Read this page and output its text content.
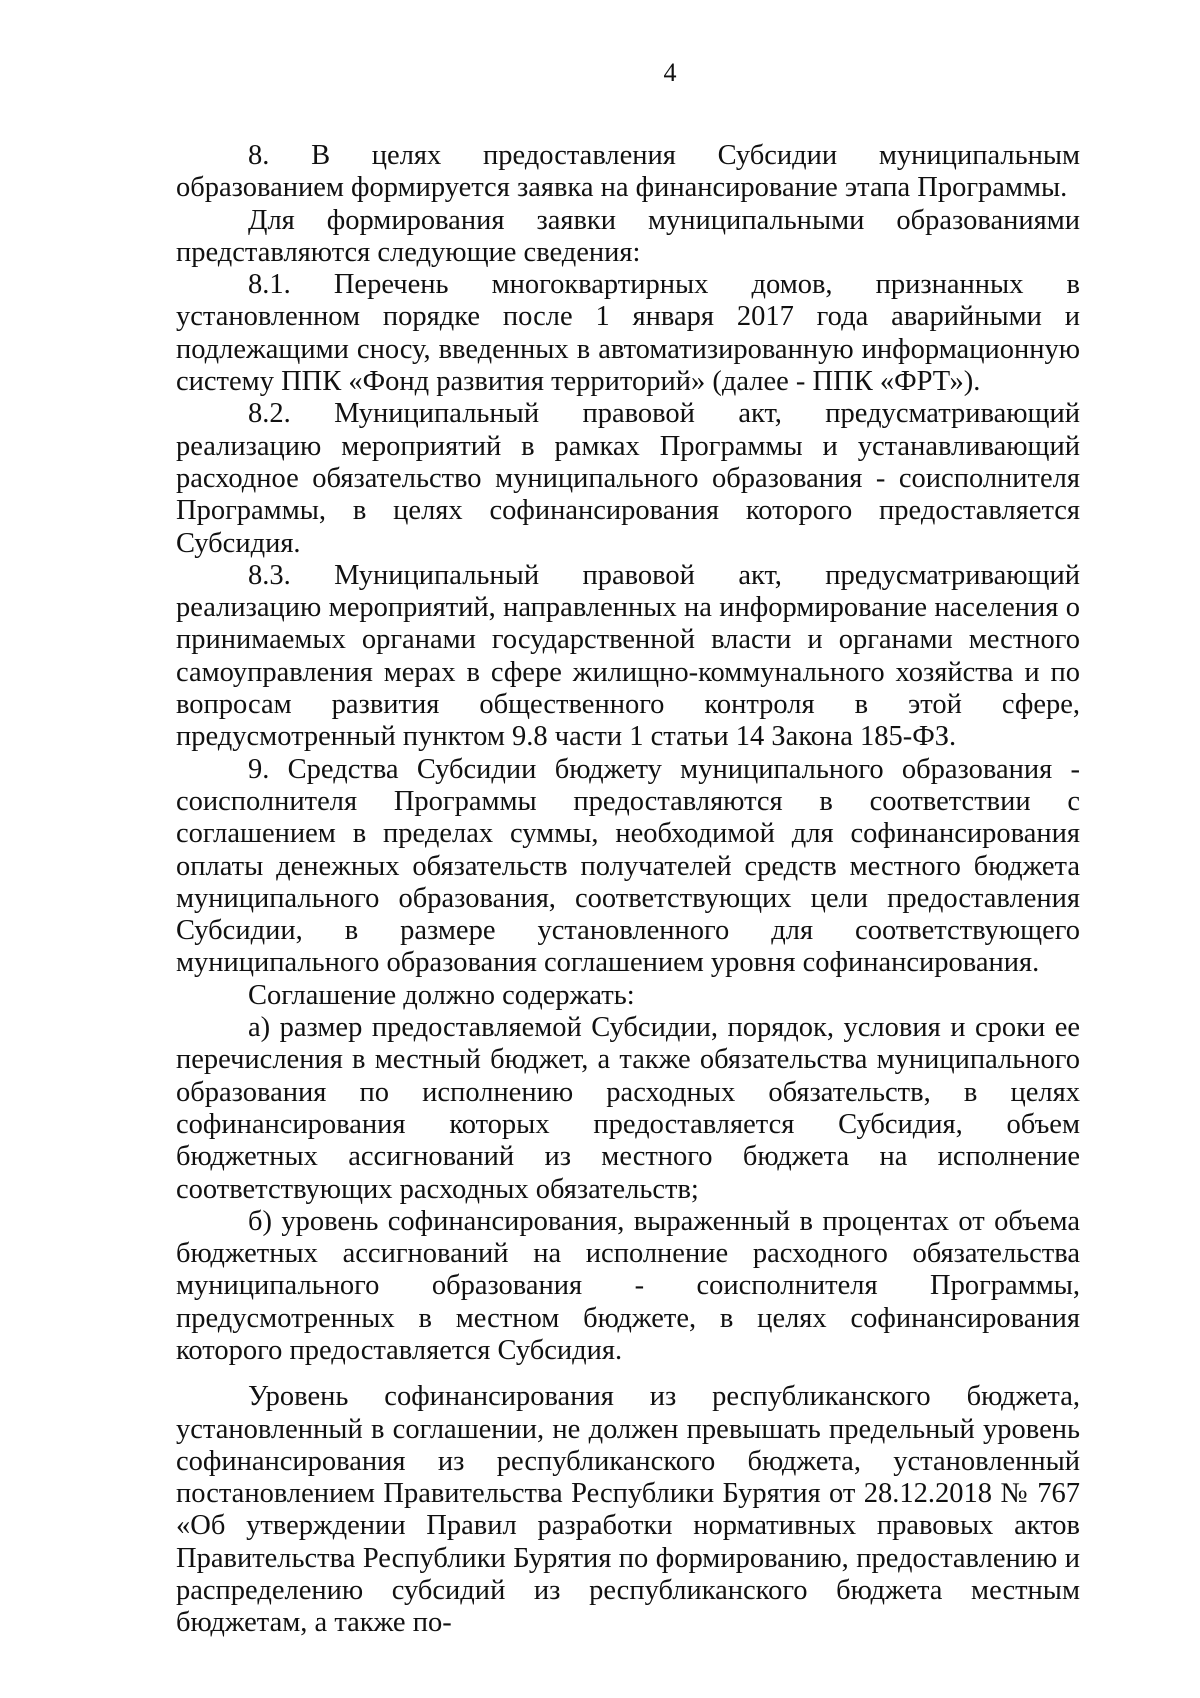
4

8. В целях предоставления Субсидии муниципальным образованием формируется заявка на финансирование этапа Программы.

Для формирования заявки муниципальными образованиями представляются следующие сведения:

8.1. Перечень многоквартирных домов, признанных в установленном порядке после 1 января 2017 года аварийными и подлежащими сносу, введенных в автоматизированную информационную систему ППК «Фонд развития территорий» (далее - ППК «ФРТ»).

8.2. Муниципальный правовой акт, предусматривающий реализацию мероприятий в рамках Программы и устанавливающий расходное обязательство муниципального образования - соисполнителя Программы, в целях софинансирования которого предоставляется Субсидия.

8.3. Муниципальный правовой акт, предусматривающий реализацию мероприятий, направленных на информирование населения о принимаемых органами государственной власти и органами местного самоуправления мерах в сфере жилищно-коммунального хозяйства и по вопросам развития общественного контроля в этой сфере, предусмотренный пунктом 9.8 части 1 статьи 14 Закона 185-ФЗ.

9. Средства Субсидии бюджету муниципального образования - соисполнителя Программы предоставляются в соответствии с соглашением в пределах суммы, необходимой для софинансирования оплаты денежных обязательств получателей средств местного бюджета муниципального образования, соответствующих цели предоставления Субсидии, в размере установленного для соответствующего муниципального образования соглашением уровня софинансирования.

Соглашение должно содержать:

а) размер предоставляемой Субсидии, порядок, условия и сроки ее перечисления в местный бюджет, а также обязательства муниципального образования по исполнению расходных обязательств, в целях софинансирования которых предоставляется Субсидия, объем бюджетных ассигнований из местного бюджета на исполнение соответствующих расходных обязательств;

б) уровень софинансирования, выраженный в процентах от объема бюджетных ассигнований на исполнение расходного обязательства муниципального образования - соисполнителя Программы, предусмотренных в местном бюджете, в целях софинансирования которого предоставляется Субсидия.

Уровень софинансирования из республиканского бюджета, установленный в соглашении, не должен превышать предельный уровень софинансирования из республиканского бюджета, установленный постановлением Правительства Республики Бурятия от 28.12.2018 № 767 «Об утверждении Правил разработки нормативных правовых актов Правительства Республики Бурятия по формированию, предоставлению и распределению субсидий из республиканского бюджета местным бюджетам, а также по-
